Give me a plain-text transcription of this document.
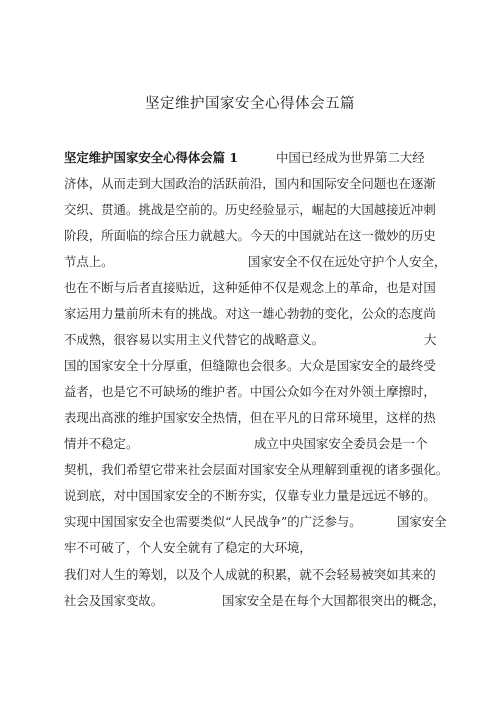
坚定维护国家安全心得体会五篇
坚定维护国家安全心得体会篇 1	中国已经成为世界第二大经
济体，从而走到大国政治的活跃前沿，国内和国际安全问题也在逐渐
交织、贯通。挑战是空前的。历史经验显示，崛起的大国越接近冲刺
阶段，所面临的综合压力就越大。今天的中国就站在这一微妙的历史
节点上。	国家安全不仅在远处守护个人安全，
也在不断与后者直接贴近，这种延伸不仅是观念上的革命，也是对国
家运用力量前所未有的挑战。对这一雄心勃勃的变化，公众的态度尚
不成熟，很容易以实用主义代替它的战略意义。	大
国的国家安全十分厚重，但缝隙也会很多。大众是国家安全的最终受
益者，也是它不可缺场的维护者。中国公众如今在对外领土摩擦时，
表现出高涨的维护国家安全热情，但在平凡的日常环境里，这样的热
情并不稳定。	成立中央国家安全委员会是一个
契机，我们希望它带来社会层面对国家安全从理解到重视的诸多强化。
说到底，对中国国家安全的不断夯实，仅靠专业力量是远远不够的。
实现中国国家安全也需要类似“人民战争”的广泛参与。	国家安全
牢不可破了，个人安全就有了稳定的大环境，
我们对人生的筹划，以及个人成就的积累，就不会轻易被突如其来的
社会及国家变故。	国家安全是在每个大国都很突出的概念，
